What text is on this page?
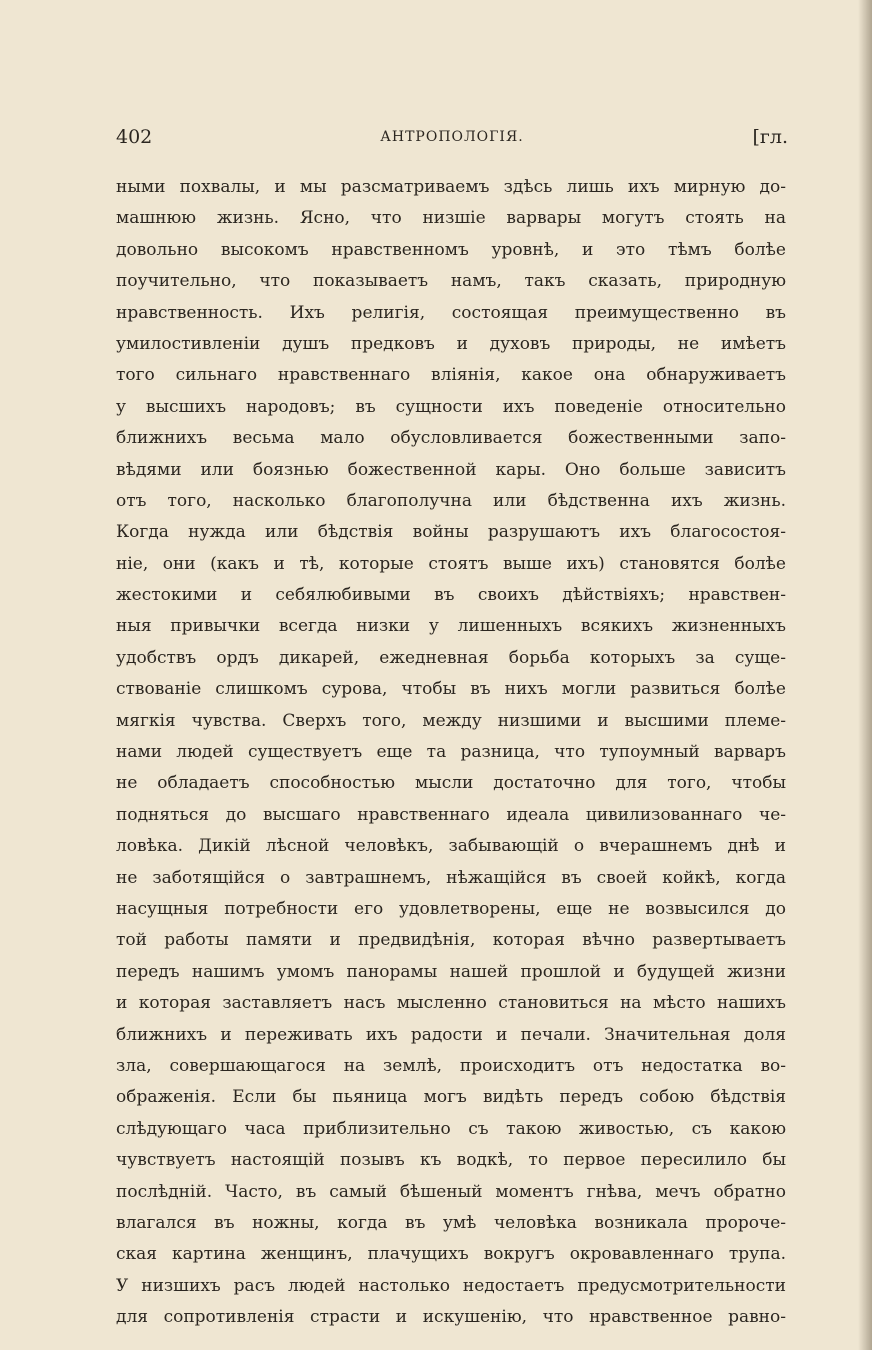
402	АНТРОПОЛОГІЯ.	[гл.
ными похвалы, и мы разсматриваемъ здѣсь лишь ихъ мирную до-
машнюю жизнь. Ясно, что низшіе варвары могутъ стоять на
довольно высокомъ нравственномъ уровнѣ, и это тѣмъ болѣе
поучительно, что показываетъ намъ, такъ сказать, природную
нравственность. Ихъ религія, состоящая преимущественно въ
умилостивленіи душъ предковъ и духовъ природы, не имѣетъ
того сильнаго нравственнаго вліянія, какое она обнаруживаетъ
у высшихъ народовъ; въ сущности ихъ поведеніе относительно
ближнихъ весьма мало обусловливается божественными запо-
вѣдями или боязнью божественной кары. Оно больше зависитъ
отъ того, насколько благополучна или бѣдственна ихъ жизнь.
Когда нужда или бѣдствія войны разрушаютъ ихъ благосостоя-
ніе, они (какъ и тѣ, которые стоятъ выше ихъ) становятся болѣе
жестокими и себялюбивыми въ своихъ дѣйствіяхъ; нравствен-
ныя привычки всегда низки у лишенныхъ всякихъ жизненныхъ
удобствъ ордъ дикарей, ежедневная борьба которыхъ за суще-
ствованіе слишкомъ сурова, чтобы въ нихъ могли развиться болѣе
мягкія чувства. Сверхъ того, между низшими и высшими племе-
нами людей существуетъ еще та разница, что тупоумный варваръ
не обладаетъ способностью мысли достаточно для того, чтобы
подняться до высшаго нравственнаго идеала цивилизованнаго че-
ловѣка. Дикій лѣсной человѣкъ, забывающій о вчерашнемъ днѣ и
не заботящійся о завтрашнемъ, нѣжащійся въ своей койкѣ, когда
насущныя потребности его удовлетворены, еще не возвысился до
той работы памяти и предвидѣнія, которая вѣчно развертываетъ
передъ нашимъ умомъ панорамы нашей прошлой и будущей жизни
и которая заставляетъ насъ мысленно становиться на мѣсто нашихъ
ближнихъ и переживать ихъ радости и печали. Значительная доля
зла, совершающагося на землѣ, происходитъ отъ недостатка во-
ображенія. Если бы пьяница могъ видѣть передъ собою бѣдствія
слѣдующаго часа приблизительно съ такою живостью, съ какою
чувствуетъ настоящій позывъ къ водкѣ, то первое пересилило бы
послѣдній. Часто, въ самый бѣшеный моментъ гнѣва, мечъ обратно
влагался въ ножны, когда въ умѣ человѣка возникала пророче-
ская картина женщинъ, плачущихъ вокругъ окровавленнаго трупа.
У низшихъ расъ людей настолько недостаетъ предусмотрительности
для сопротивленія страсти и искушенію, что нравственное равно-
